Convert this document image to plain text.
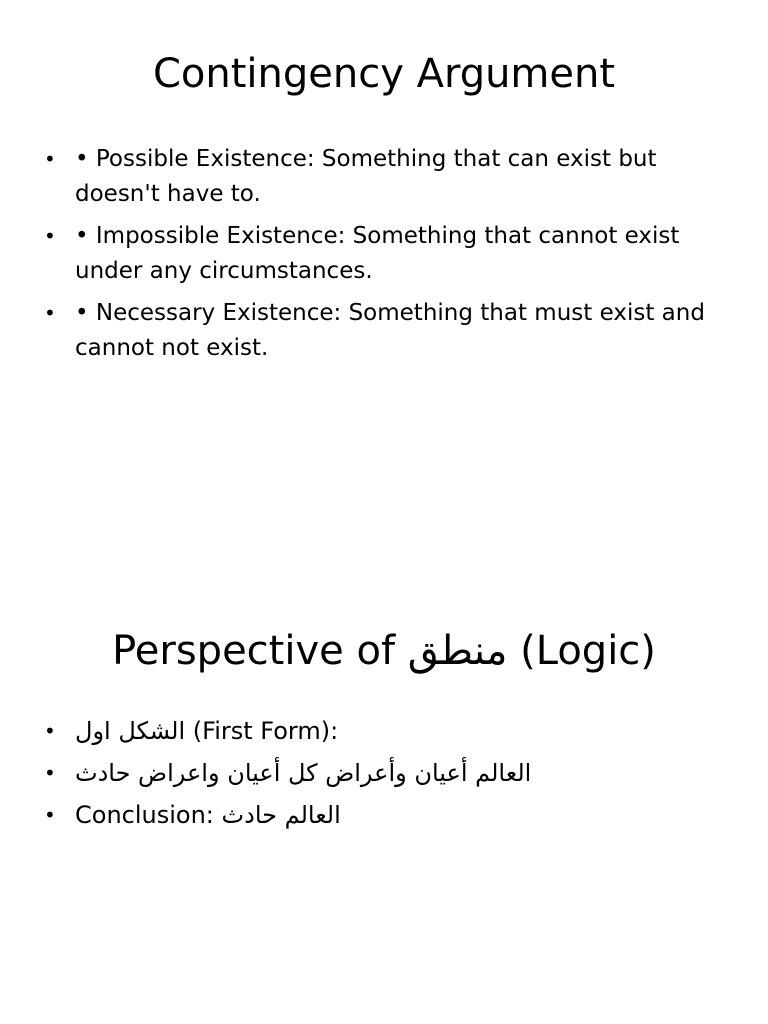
Contingency Argument
• • Possible Existence: Something that can exist but doesn't have to.
• • Impossible Existence: Something that cannot exist under any circumstances.
• • Necessary Existence: Something that must exist and cannot not exist.
Perspective of منطق (Logic)
• الشكل اول (First Form):
• العالم أعيان وأعراض كل أعيان واعراض حادث
• Conclusion: العالم حادث
